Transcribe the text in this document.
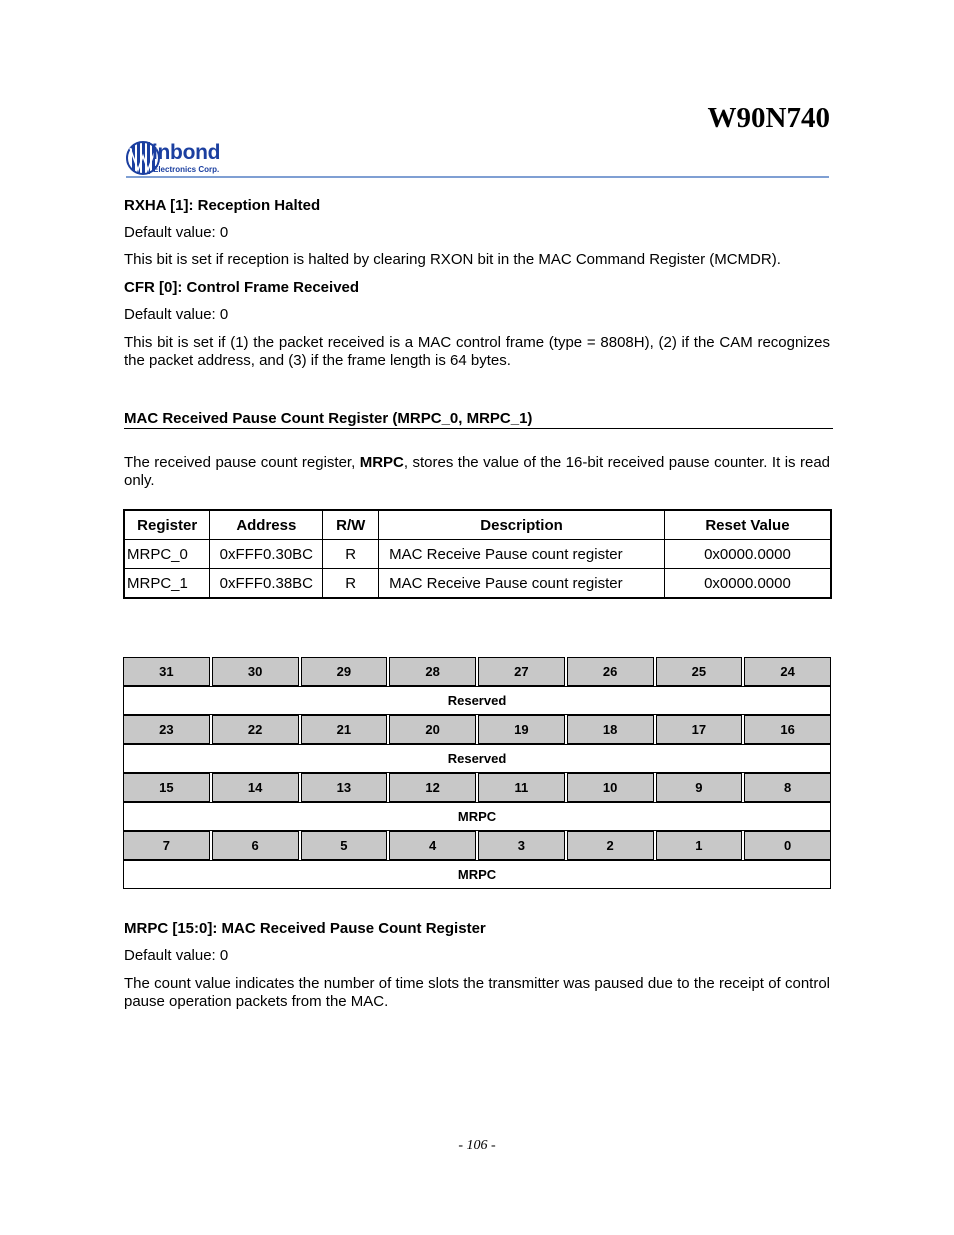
W90N740
inbond
Electronics Corp.

RXHA [1]: Reception Halted

Default value: 0

This bit is set if reception is halted by clearing RXON bit in the MAC Command Register (MCMDR).

CFR [0]: Control Frame Received

Default value: 0

This bit is set if (1) the packet received is a MAC control frame (type = 8808H), (2) if the CAM recognizes the packet address, and (3) if the frame length is 64 bytes.

MAC Received Pause Count Register (MRPC_0, MRPC_1)

The received pause count register, MRPC, stores the value of the 16-bit received pause counter. It is read only.

Register	Address	R/W	Description	Reset Value
MRPC_0	0xFFF0.30BC	R	MAC Receive Pause count register	0x0000.0000
MRPC_1	0xFFF0.38BC	R	MAC Receive Pause count register	0x0000.0000
31	30	29	28	27	26	25	24
Reserved
23	22	21	20	19	18	17	16
Reserved
15	14	13	12	11	10	9	8
MRPC
7	6	5	4	3	2	1	0
MRPC

MRPC [15:0]: MAC Received Pause Count Register

Default value: 0

The count value indicates the number of time slots the transmitter was paused due to the receipt of control pause operation packets from the MAC.

- 106 -
